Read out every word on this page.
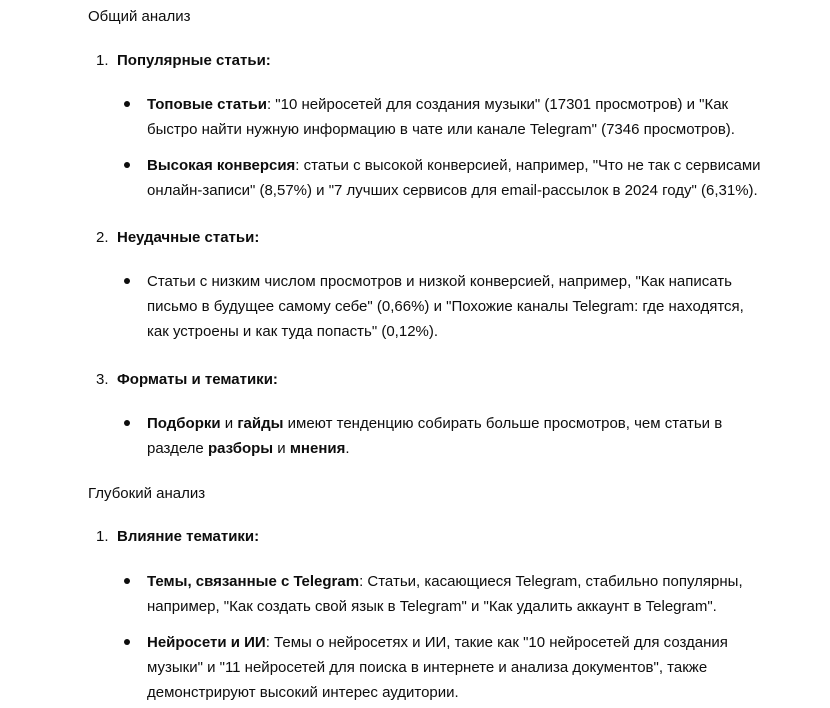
Общий анализ
1. Популярные статьи:
Топовые статьи: "10 нейросетей для создания музыки" (17301 просмотров) и "Как быстро найти нужную информацию в чате или канале Telegram" (7346 просмотров).
Высокая конверсия: статьи с высокой конверсией, например, "Что не так с сервисами онлайн-записи" (8,57%) и "7 лучших сервисов для email-рассылок в 2024 году" (6,31%).
2. Неудачные статьи:
Статьи с низким числом просмотров и низкой конверсией, например, "Как написать письмо в будущее самому себе" (0,66%) и "Похожие каналы Telegram: где находятся, как устроены и как туда попасть" (0,12%).
3. Форматы и тематики:
Подборки и гайды имеют тенденцию собирать больше просмотров, чем статьи в разделе разборы и мнения.
Глубокий анализ
1. Влияние тематики:
Темы, связанные с Telegram: Статьи, касающиеся Telegram, стабильно популярны, например, "Как создать свой язык в Telegram" и "Как удалить аккаунт в Telegram".
Нейросети и ИИ: Темы о нейросетях и ИИ, такие как "10 нейросетей для создания музыки" и "11 нейросетей для поиска в интернете и анализа документов", также демонстрируют высокий интерес аудитории.
